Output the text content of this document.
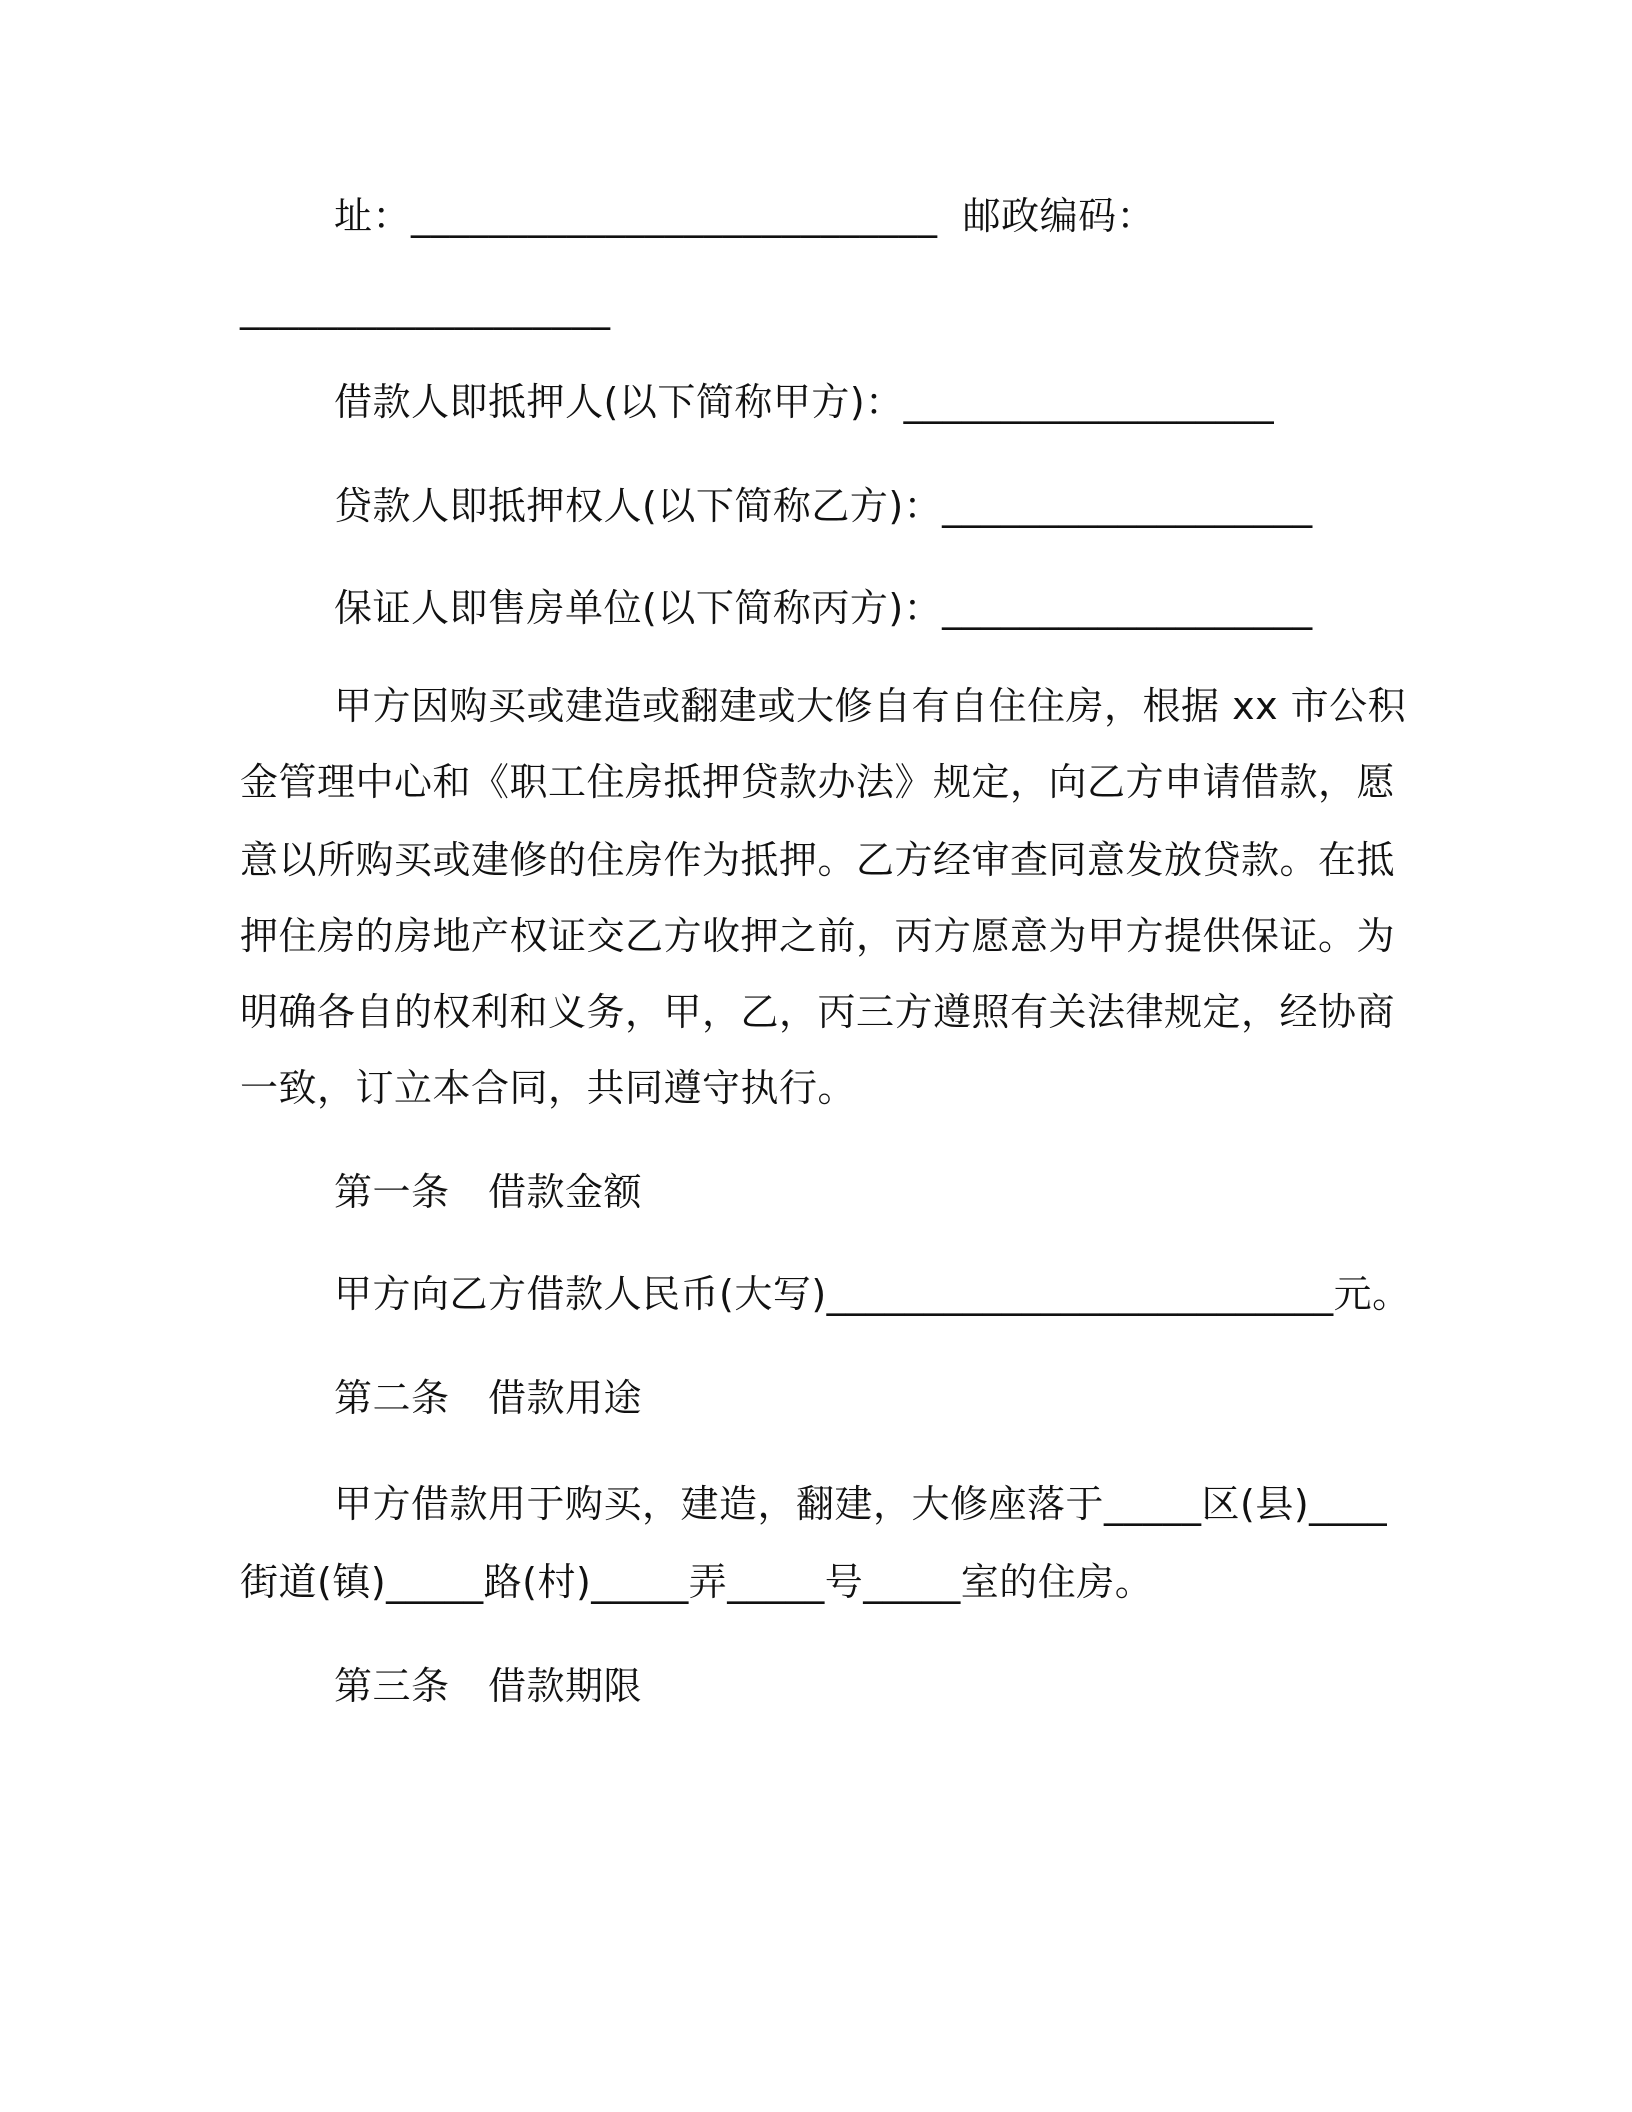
址：___________________________  邮政编码：
___________________
借款人即抵押人(以下简称甲方)：___________________
贷款人即抵押权人(以下简称乙方)：___________________
保证人即售房单位(以下简称丙方)：___________________
甲方因购买或建造或翻建或大修自有自住住房，根据 xx 市公积
金管理中心和《职工住房抵押贷款办法》规定，向乙方申请借款，愿
意以所购买或建修的住房作为抵押。乙方经审查同意发放贷款。在抵
押住房的房地产权证交乙方收押之前，丙方愿意为甲方提供保证。为
明确各自的权利和义务，甲，乙，丙三方遵照有关法律规定，经协商
一致，订立本合同，共同遵守执行。
第一条　借款金额
甲方向乙方借款人民币(大写)__________________________元。
第二条　借款用途
甲方借款用于购买，建造，翻建，大修座落于_____区(县)____
街道(镇)_____路(村)_____弄_____号_____室的住房。
第三条　借款期限
